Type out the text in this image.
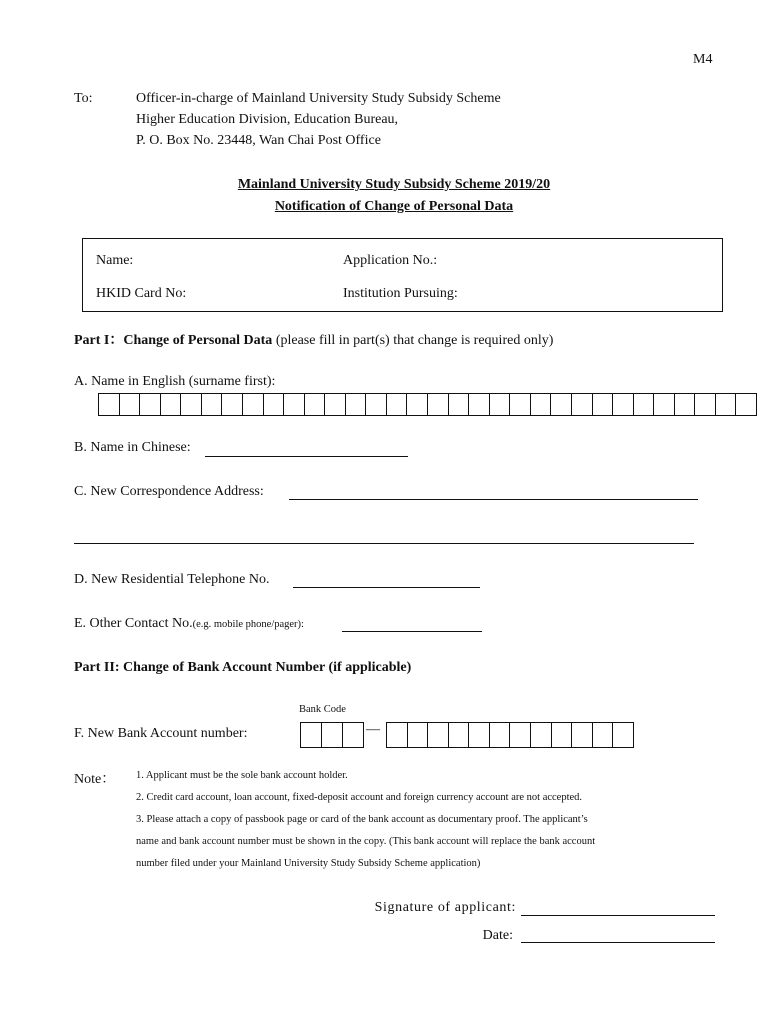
M4
To:	Officer-in-charge of Mainland University Study Subsidy Scheme
Higher Education Division, Education Bureau,
P. O. Box No. 23448, Wan Chai Post Office
Mainland University Study Subsidy Scheme 2019/20
Notification of Change of Personal Data
Name:	Application No.:
HKID Card No:	Institution Pursuing:
Part I：Change of Personal Data (please fill in part(s) that change is required only)
A. Name in English (surname first):
B. Name in Chinese:
C. New Correspondence Address:
D. New Residential Telephone No.
E. Other Contact No.(e.g. mobile phone/pager):
Part II: Change of Bank Account Number (if applicable)
Bank Code
F. New Bank Account number:	—
Note： 1. Applicant must be the sole bank account holder.
2. Credit card account, loan account, fixed-deposit account and foreign currency account are not accepted.
3. Please attach a copy of passbook page or card of the bank account as documentary proof. The applicant’s
name and bank account number must be shown in the copy. (This bank account will replace the bank account
number filed under your Mainland University Study Subsidy Scheme application)
Signature of applicant:
Date:
